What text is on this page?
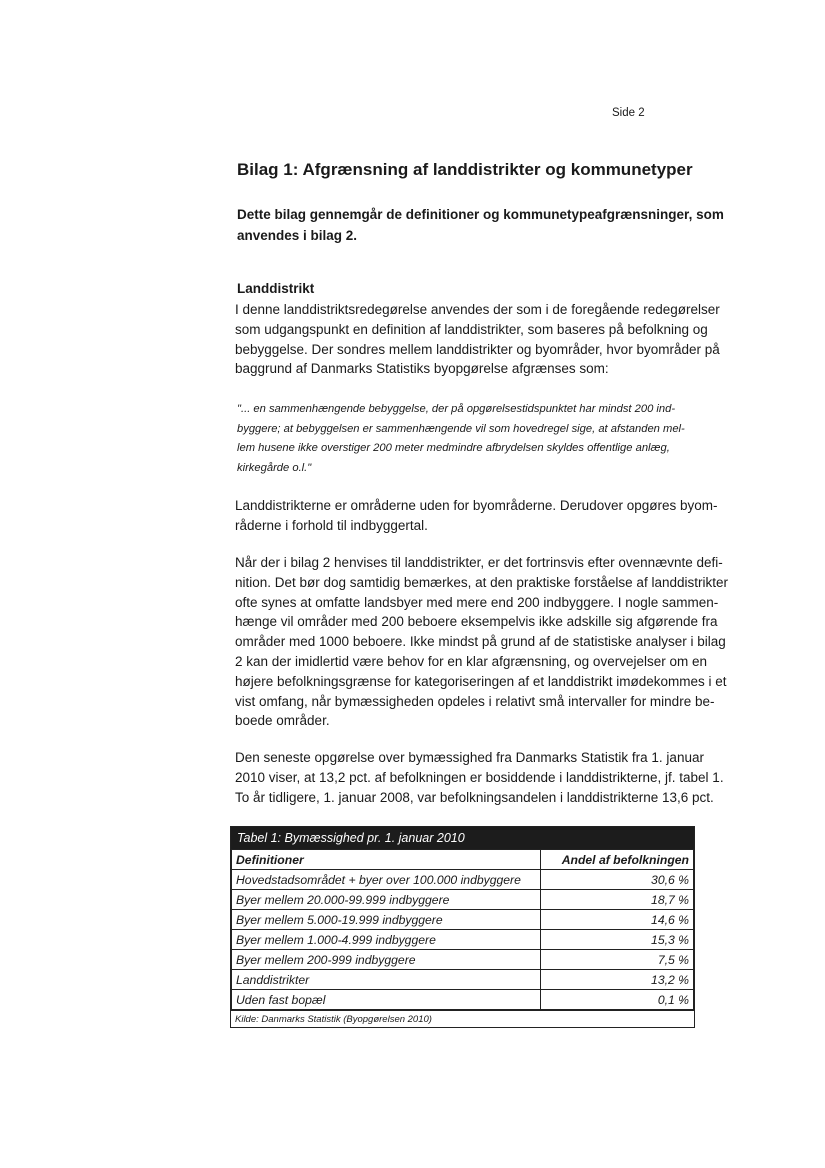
Side 2
Bilag 1: Afgrænsning af landdistrikter og kommunetyper

Dette bilag gennemgår de definitioner og kommunetypeafgrænsninger, som anvendes i bilag 2.

Landdistrikt

I denne landdistriktsredegørelse anvendes der som i de foregående redegørelser
som udgangspunkt en definition af landdistrikter, som baseres på befolkning og
bebyggelse. Der sondres mellem landdistrikter og byområder, hvor byområder på
baggrund af Danmarks Statistiks byopgørelse afgrænses som:

"... en sammenhængende bebyggelse, der på opgørelsestidspunktet har mindst 200 ind-
byggere; at bebyggelsen er sammenhængende vil som hovedregel sige, at afstanden mel-
lem husene ikke overstiger 200 meter medmindre afbrydelsen skyldes offentlige anlæg,
kirkegårde o.l."

Landdistrikterne er områderne uden for byområderne. Derudover opgøres byom-
råderne i forhold til indbyggertal.

Når der i bilag 2 henvises til landdistrikter, er det fortrinsvis efter ovennævnte defi-
nition. Det bør dog samtidig bemærkes, at den praktiske forståelse af landdistrikter
ofte synes at omfatte landsbyer med mere end 200 indbyggere. I nogle sammen-
hænge vil områder med 200 beboere eksempelvis ikke adskille sig afgørende fra
områder med 1000 beboere. Ikke mindst på grund af de statistiske analyser i bilag
2 kan der imidlertid være behov for en klar afgrænsning, og overvejelser om en
højere befolkningsgrænse for kategoriseringen af et landdistrikt imødekommes i et
vist omfang, når bymæssigheden opdeles i relativt små intervaller for mindre be-
boede områder.

Den seneste opgørelse over bymæssighed fra Danmarks Statistik fra 1. januar
2010 viser, at 13,2 pct. af befolkningen er bosiddende i landdistrikterne, jf. tabel 1.
To år tidligere, 1. januar 2008, var befolkningsandelen i landdistrikterne 13,6 pct.

Tabel 1: Bymæssighed pr. 1. januar 2010
Definitioner	Andel af befolkningen
Hovedstadsområdet + byer over 100.000 indbyggere	30,6 %
Byer mellem 20.000-99.999 indbyggere	18,7 %
Byer mellem 5.000-19.999 indbyggere	14,6 %
Byer mellem 1.000-4.999 indbyggere	15,3 %
Byer mellem 200-999 indbyggere	7,5 %
Landdistrikter	13,2 %
Uden fast bopæl	0,1 %
Kilde: Danmarks Statistik (Byopgørelsen 2010)
